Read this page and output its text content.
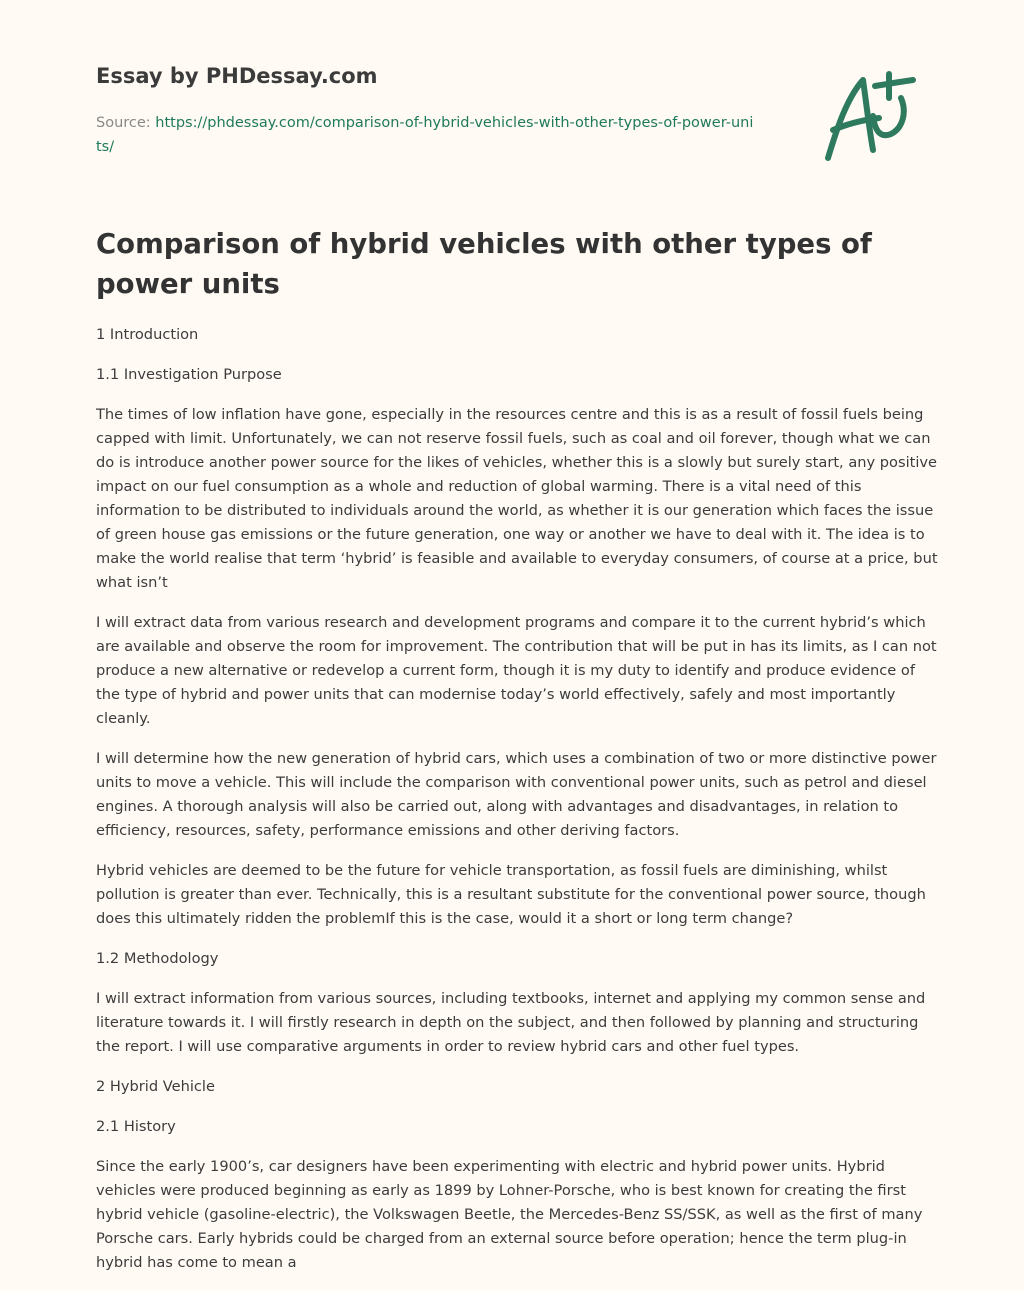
Essay by PHDessay.com
Source: https://phdessay.com/comparison-of-hybrid-vehicles-with-other-types-of-power-units/
Comparison of hybrid vehicles with other types of power units

1 Introduction

1.1 Investigation Purpose

The times of low inflation have gone, especially in the resources centre and this is as a result of fossil fuels being capped with limit. Unfortunately, we can not reserve fossil fuels, such as coal and oil forever, though what we can do is introduce another power source for the likes of vehicles, whether this is a slowly but surely start, any positive impact on our fuel consumption as a whole and reduction of global warming. There is a vital need of this information to be distributed to individuals around the world, as whether it is our generation which faces the issue of green house gas emissions or the future generation, one way or another we have to deal with it. The idea is to make the world realise that term ‘hybrid’ is feasible and available to everyday consumers, of course at a price, but what isn’t

I will extract data from various research and development programs and compare it to the current hybrid’s which are available and observe the room for improvement. The contribution that will be put in has its limits, as I can not produce a new alternative or redevelop a current form, though it is my duty to identify and produce evidence of the type of hybrid and power units that can modernise today’s world effectively, safely and most importantly cleanly.

I will determine how the new generation of hybrid cars, which uses a combination of two or more distinctive power units to move a vehicle. This will include the comparison with conventional power units, such as petrol and diesel engines. A thorough analysis will also be carried out, along with advantages and disadvantages, in relation to efficiency, resources, safety, performance emissions and other deriving factors.

Hybrid vehicles are deemed to be the future for vehicle transportation, as fossil fuels are diminishing, whilst pollution is greater than ever. Technically, this is a resultant substitute for the conventional power source, though does this ultimately ridden the problemIf this is the case, would it a short or long term change?

1.2 Methodology

I will extract information from various sources, including textbooks, internet and applying my common sense and literature towards it. I will firstly research in depth on the subject, and then followed by planning and structuring the report. I will use comparative arguments in order to review hybrid cars and other fuel types.

2 Hybrid Vehicle

2.1 History

Since the early 1900’s, car designers have been experimenting with electric and hybrid power units. Hybrid vehicles were produced beginning as early as 1899 by Lohner-Porsche, who is best known for creating the first hybrid vehicle (gasoline-electric), the Volkswagen Beetle, the Mercedes-Benz SS/SSK, as well as the first of many Porsche cars. Early hybrids could be charged from an external source before operation; hence the term plug-in hybrid has come to mean a
